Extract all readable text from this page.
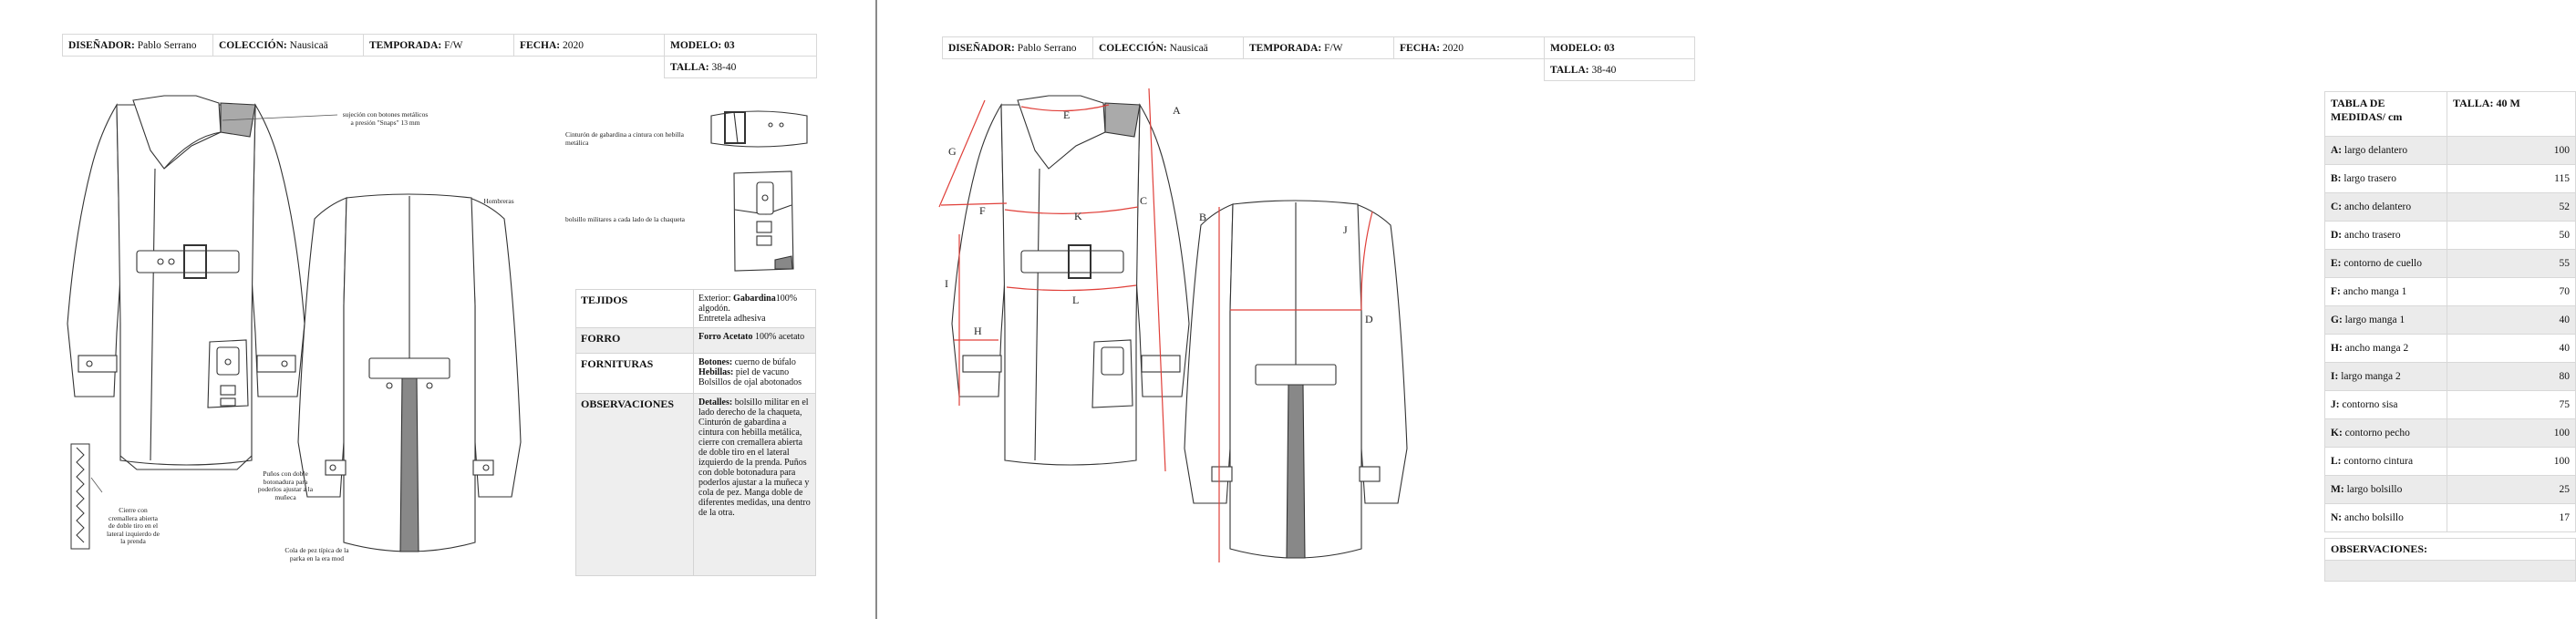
DISEÑADOR: Pablo Serrano	COLECCIÓN: Nausicaä	TEMPORADA: F/W	FECHA: 2020	MODELO: 03
				TALLA: 38-40
sujeción con botones metálicos a presión "Snaps" 13 mm
Cinturón de gabardina a cintura con hebilla metálica
bolsillo militares a cada lado de la chaqueta
Hombreras
Puños con doble botonadura para poderlos ajustar a la muñeca
Cierre con cremallera abierta de doble tiro en el lateral izquierdo de la prenda
Cola de pez típica de la parka en la era mod
TEJIDOS	Exterior: Gabardina100% algodón.
Entretela adhesiva
FORRO	Forro Acetato 100% acetato
FORNITURAS	Botones: cuerno de búfalo
Hebillas: piel de vacuno
Bolsillos de ojal abotonados
OBSERVACIONES	Detalles: bolsillo militar en el lado derecho de la chaqueta, Cinturón de gabardina a cintura con hebilla metálica, cierre con cremallera abierta de doble tiro en el lateral izquierdo de la prenda. Puños con doble botonadura para poderlos ajustar a la muñeca y cola de pez. Manga doble de diferentes medidas, una dentro de la otra.
DISEÑADOR: Pablo Serrano	COLECCIÓN: Nausicaä	TEMPORADA: F/W	FECHA: 2020	MODELO: 03
				TALLA: 38-40
E	A
G
C
F	K
I
L
H
B
J
D
TABLA DE MEDIDAS/ cm	TALLA: 40 M
A: largo delantero	100
B: largo trasero	115
C: ancho delantero	52
D: ancho trasero	50
E: contorno de cuello	55
F: ancho manga 1	70
G: largo manga 1	40
H: ancho manga 2	40
I: largo manga 2	80
J: contorno sisa	75
K: contorno pecho	100
L: contorno cintura	100
M: largo bolsillo	25
N: ancho bolsillo	17
OBSERVACIONES:
